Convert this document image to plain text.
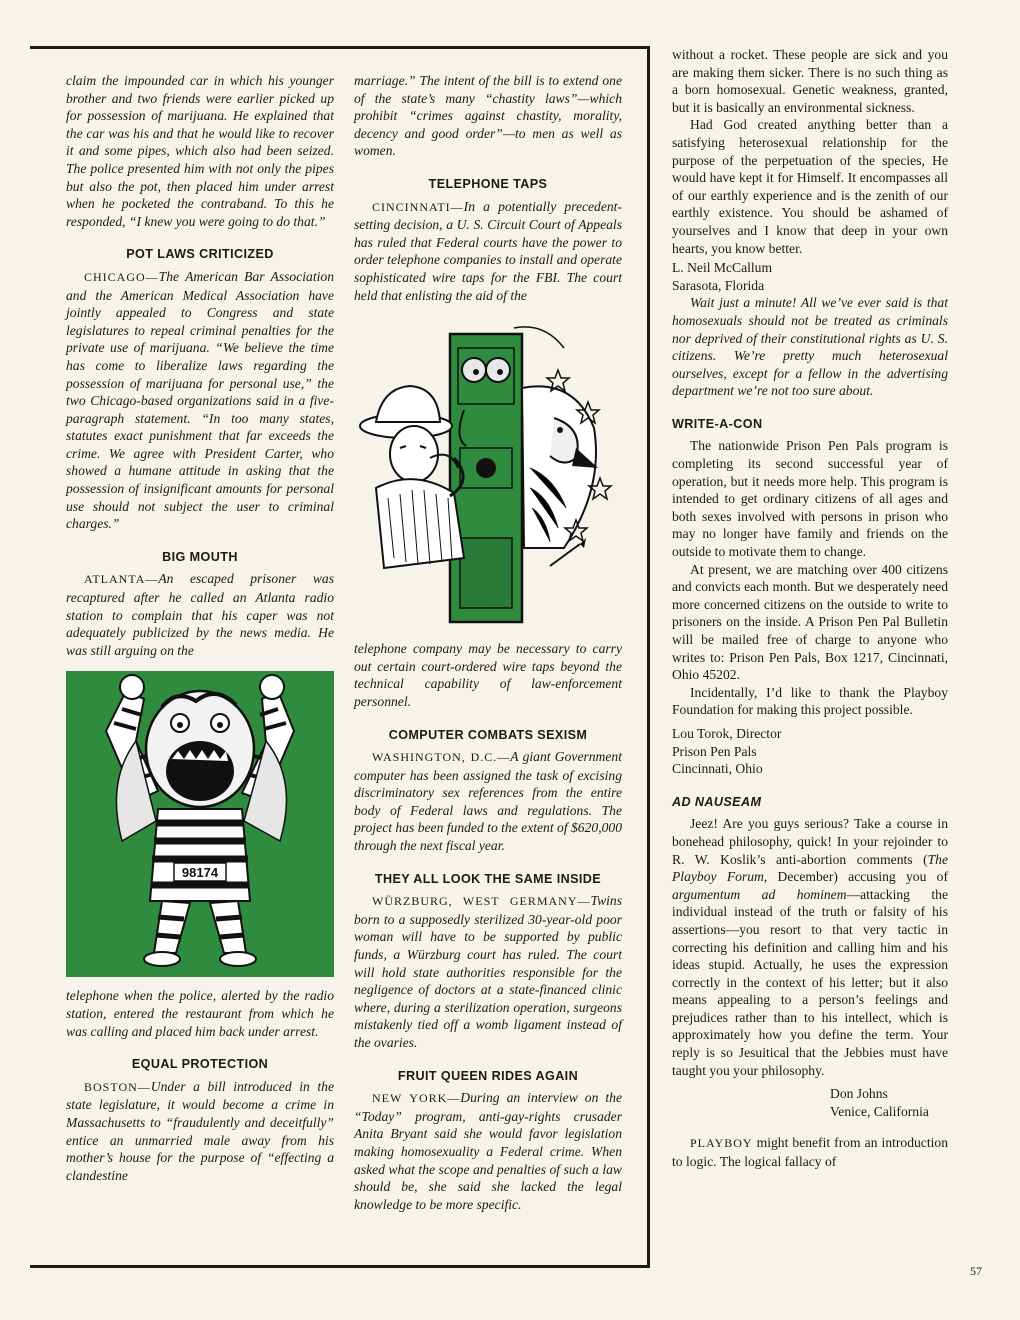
claim the impounded car in which his younger brother and two friends were earlier picked up for possession of marijuana. He explained that the car was his and that he would like to recover it and some pipes, which also had been seized. The police presented him with not only the pipes but also the pot, then placed him under arrest when he pocketed the contraband. To this he responded, “I knew you were going to do that.”

POT LAWS CRITICIZED

CHICAGO—The American Bar Association and the American Medical Association have jointly appealed to Congress and state legislatures to repeal criminal penalties for the private use of marijuana. “We believe the time has come to liberalize laws regarding the possession of marijuana for personal use,” the two Chicago-based organizations said in a five-paragraph statement. “In too many states, statutes exact punishment that far exceeds the crime. We agree with President Carter, who showed a humane attitude in asking that the possession of insignificant amounts for personal use should not subject the user to criminal charges.”

BIG MOUTH

ATLANTA—An escaped prisoner was recaptured after he called an Atlanta radio station to complain that his caper was not adequately publicized by the news media. He was still arguing on the

98174

telephone when the police, alerted by the radio station, entered the restaurant from which he was calling and placed him back under arrest.

EQUAL PROTECTION

BOSTON—Under a bill introduced in the state legislature, it would become a crime in Massachusetts to “fraudulently and deceitfully” entice an unmarried male away from his mother’s house for the purpose of “effecting a clandestine

marriage.” The intent of the bill is to extend one of the state’s many “chastity laws”—which prohibit “crimes against chastity, morality, decency and good order”—to men as well as women.

TELEPHONE TAPS

CINCINNATI—In a potentially precedent-setting decision, a U. S. Circuit Court of Appeals has ruled that Federal courts have the power to order telephone companies to install and operate sophisticated wire taps for the FBI. The court held that enlisting the aid of the

telephone company may be necessary to carry out certain court-ordered wire taps beyond the technical capability of law-enforcement personnel.

COMPUTER COMBATS SEXISM

WASHINGTON, D.C.—A giant Government computer has been assigned the task of excising discriminatory sex references from the entire body of Federal laws and regulations. The project has been funded to the extent of $620,000 through the next fiscal year.

THEY ALL LOOK THE SAME INSIDE

WÜRZBURG, WEST GERMANY—Twins born to a supposedly sterilized 30-year-old poor woman will have to be supported by public funds, a Würzburg court has ruled. The court will hold state authorities responsible for the negligence of doctors at a state-financed clinic where, during a sterilization operation, surgeons mistakenly tied off a womb ligament instead of the ovaries.

FRUIT QUEEN RIDES AGAIN

NEW YORK—During an interview on the “Today” program, anti-gay-rights crusader Anita Bryant said she would favor legislation making homosexuality a Federal crime. When asked what the scope and penalties of such a law should be, she said she lacked the legal knowledge to be more specific.

without a rocket. These people are sick and you are making them sicker. There is no such thing as a born homosexual. Genetic weakness, granted, but it is basically an environmental sickness.

Had God created anything better than a satisfying heterosexual relationship for the purpose of the perpetuation of the species, He would have kept it for Himself. It encompasses all of our earthly experience and is the zenith of our earthly existence. You should be ashamed of yourselves and I know that deep in your own hearts, you know better.

L. Neil McCallum

Sarasota, Florida

Wait just a minute! All we’ve ever said is that homosexuals should not be treated as criminals nor deprived of their constitutional rights as U. S. citizens. We’re pretty much heterosexual ourselves, except for a fellow in the advertising department we’re not too sure about.

WRITE-A-CON

The nationwide Prison Pen Pals program is completing its second successful year of operation, but it needs more help. This program is intended to get ordinary citizens of all ages and both sexes involved with persons in prison who may no longer have family and friends on the outside to motivate them to change.

At present, we are matching over 400 citizens and convicts each month. But we desperately need more concerned citizens on the outside to write to prisoners on the inside. A Prison Pen Pal Bulletin will be mailed free of charge to anyone who writes to: Prison Pen Pals, Box 1217, Cincinnati, Ohio 45202.

Incidentally, I’d like to thank the Playboy Foundation for making this project possible.

Lou Torok, Director

Prison Pen Pals

Cincinnati, Ohio

AD NAUSEAM

Jeez! Are you guys serious? Take a course in bonehead philosophy, quick! In your rejoinder to R. W. Koslik’s anti-abortion comments (The Playboy Forum, December) accusing you of argumentum ad hominem—attacking the individual instead of the truth or falsity of his assertions—you resort to that very tactic in correcting his definition and calling him and his ideas stupid. Actually, he uses the expression correctly in the context of his letter; but it also means appealing to a person’s feelings and prejudices rather than to his intellect, which is approximately how you define the term. Your reply is so Jesuitical that the Jebbies must have taught you your philosophy.

Don Johns

Venice, California

PLAYBOY might benefit from an introduction to logic. The logical fallacy of

57
